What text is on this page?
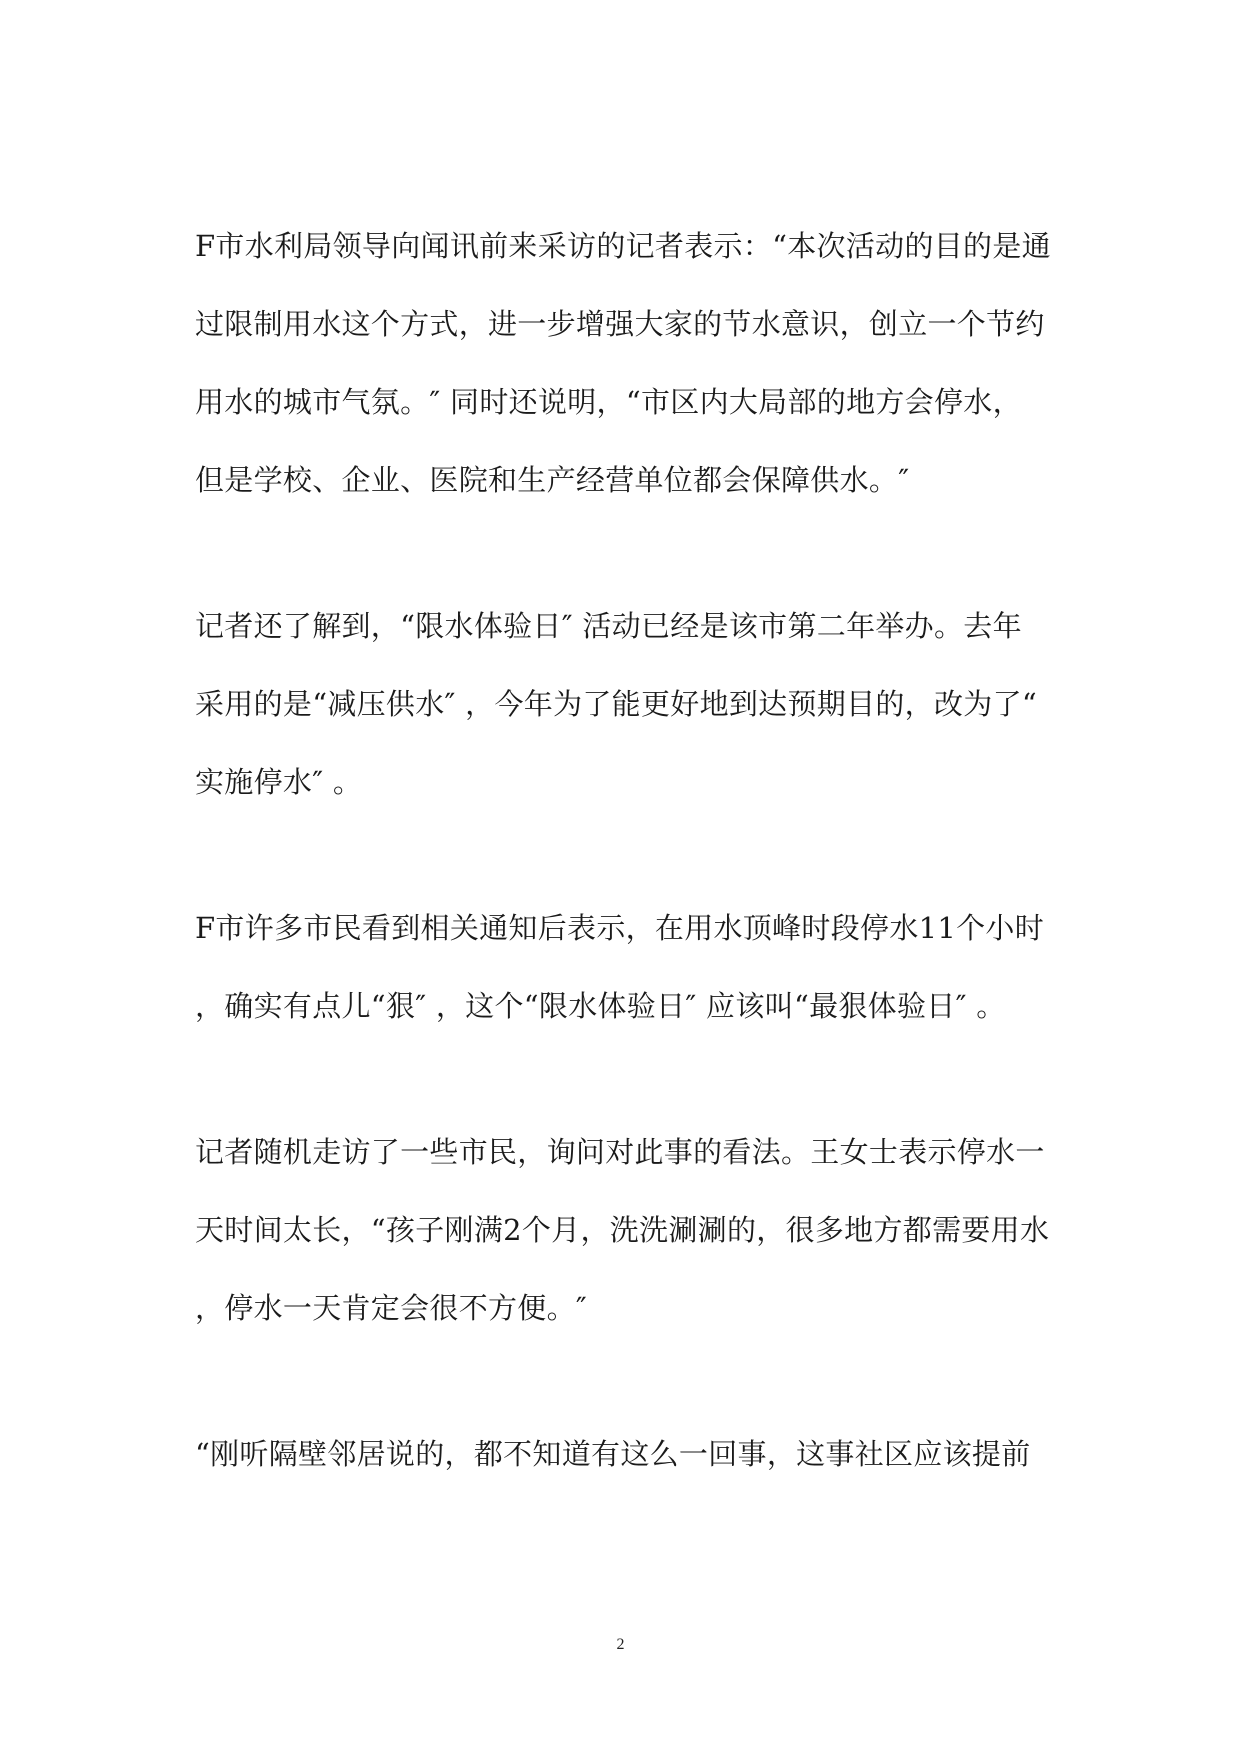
F市水利局领导向闻讯前来采访的记者表示：“本次活动的目的是通
过限制用水这个方式，进一步增强大家的节水意识，创立一个节约
用水的城市气氛。″ 同时还说明，“市区内大局部的地方会停水，
但是学校、企业、医院和生产经营单位都会保障供水。″
记者还了解到，“限水体验日″ 活动已经是该市第二年举办。去年
采用的是“减压供水″ ，今年为了能更好地到达预期目的，改为了“
实施停水″ 。
F市许多市民看到相关通知后表示，在用水顶峰时段停水11个小时
，确实有点儿“狠″ ，这个“限水体验日″ 应该叫“最狠体验日″ 。
记者随机走访了一些市民，询问对此事的看法。王女士表示停水一
天时间太长，“孩子刚满2个月，洗洗涮涮的，很多地方都需要用水
，停水一天肯定会很不方便。″
“刚听隔壁邻居说的，都不知道有这么一回事，这事社区应该提前
2
